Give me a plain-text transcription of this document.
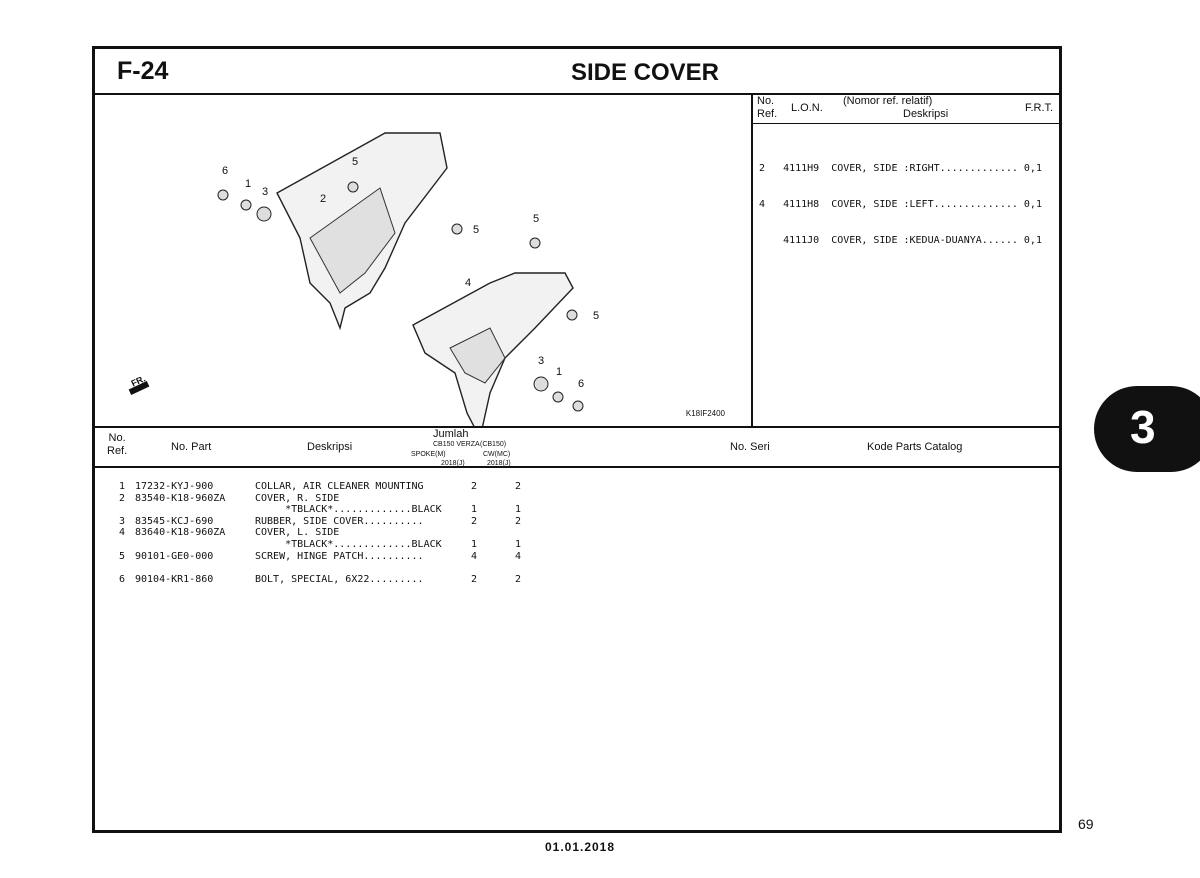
F-24	SIDE COVER
6
1
3
2
5
5
5
4
5
3
1
6
FR.
K18IF2400
No.
Ref.	L.O.N.
(Nomor ref. relatif)
Deskripsi	F.R.T.

2   4111H9  COVER, SIDE :RIGHT............. 0,1

4   4111H8  COVER, SIDE :LEFT.............. 0,1

4111J0  COVER, SIDE :KEDUA-DUANYA...... 0,1

No.
Ref.	No. Part	Deskripsi
Jumlah
CB150 VERZA (CB150)
SPOKE(M)	CW(MC)
2018(J)	2018(J)
No. Seri	Kode Parts Catalog
1	17232-KYJ-900	COLLAR, AIR CLEANER MOUNTING	2	2
2	83540-K18-960ZA	COVER, R. SIDE
*TBLACK*.............BLACK	1	1
3	83545-KCJ-690	RUBBER, SIDE COVER..........	2	2
4	83640-K18-960ZA	COVER, L. SIDE
*TBLACK*.............BLACK	1	1
5	90101-GE0-000	SCREW, HINGE PATCH..........	4	4
6	90104-KR1-860	BOLT, SPECIAL, 6X22.........	2	2
3
69
01.01.2018
